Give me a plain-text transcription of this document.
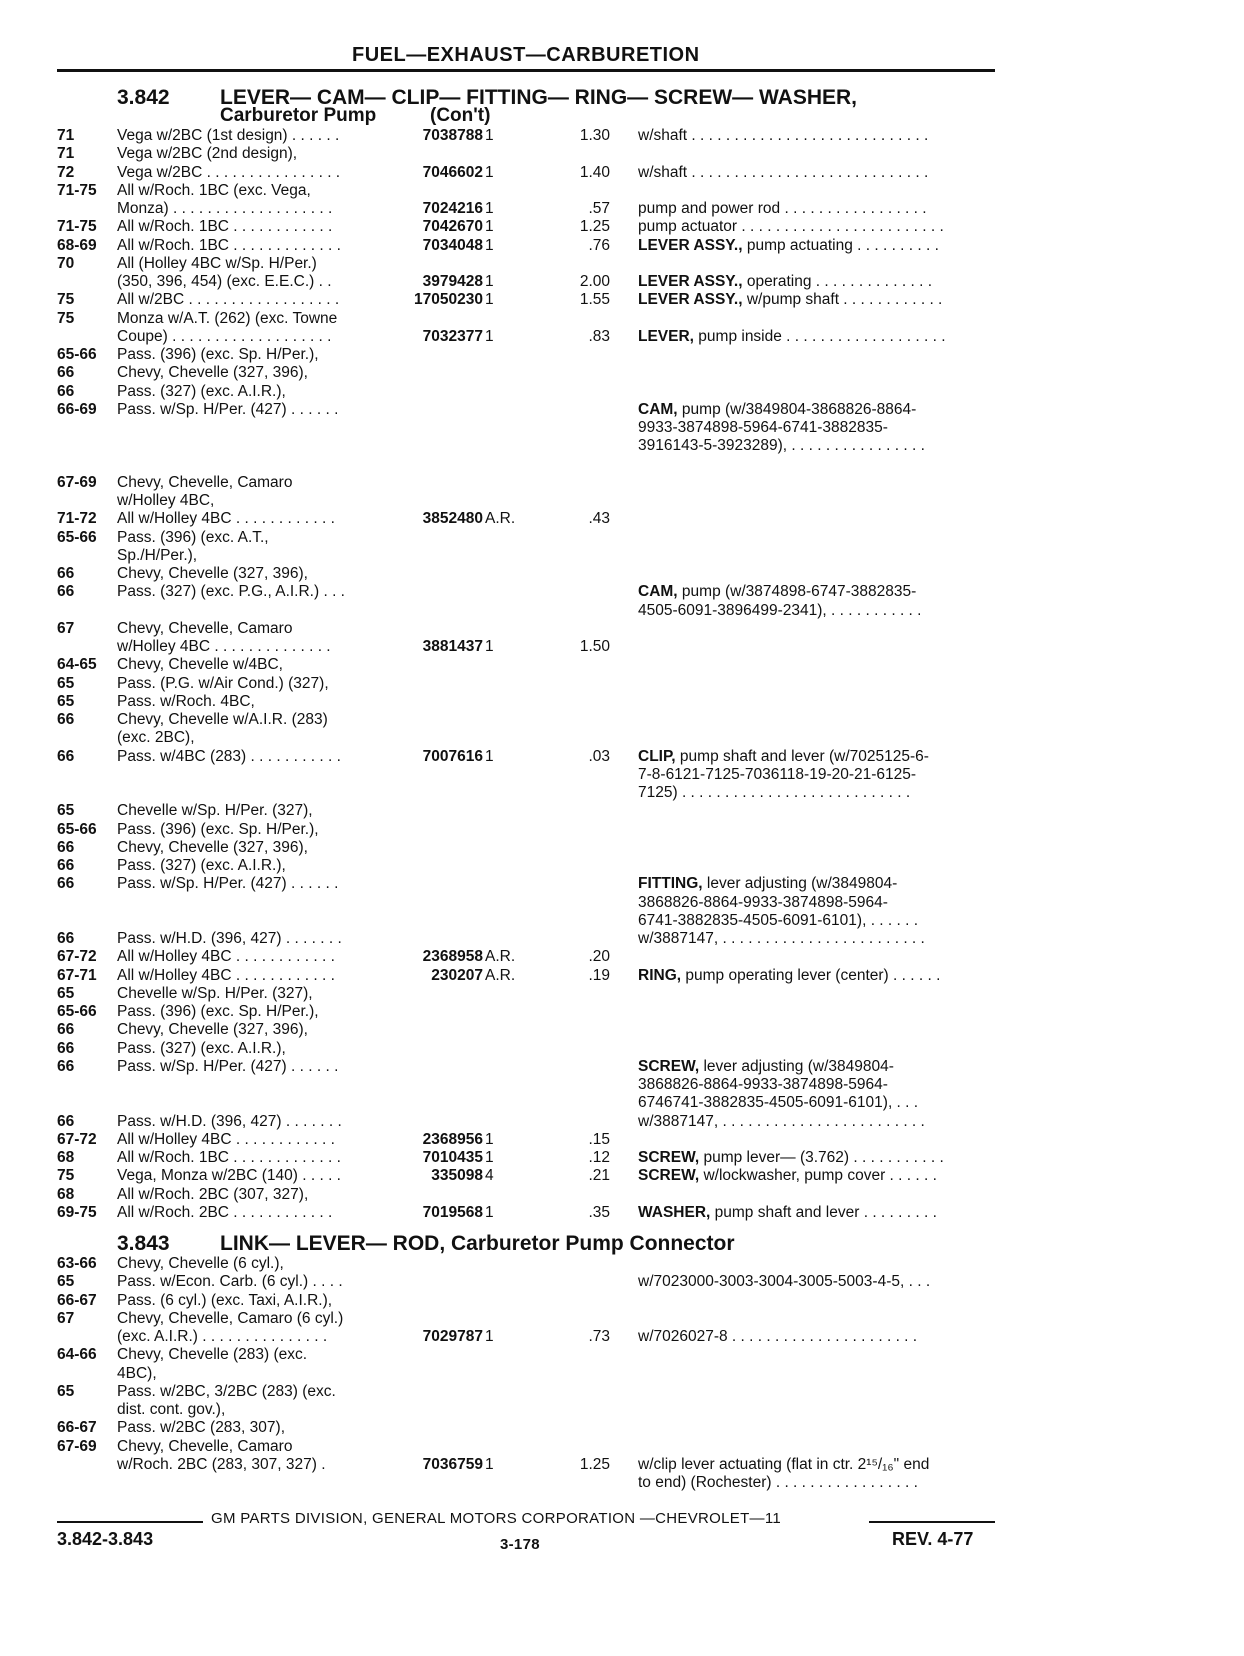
FUEL—EXHAUST—CARBURETION
3.842 LEVER— CAM— CLIP— FITTING— RING— SCREW— WASHER,
Carburetor Pump	(Con't)
71	Vega w/2BC (1st design) . . . . . .	7038788 1	1.30 w/shaft . . . . . . . . . . . . . . . . . . . . . . . . . . . .
71	Vega w/2BC (2nd design),
72	Vega w/2BC . . . . . . . . . . . . . . . .	7046602 1	1.40 w/shaft . . . . . . . . . . . . . . . . . . . . . . . . . . . .
71-75 All w/Roch. 1BC (exc. Vega,
Monza) . . . . . . . . . . . . . . . . . . .	7024216 1	.57 pump and power rod . . . . . . . . . . . . . . . . .
71-75 All w/Roch. 1BC . . . . . . . . . . . .	7042670 1	1.25 pump actuator . . . . . . . . . . . . . . . . . . . . . . . .
68-69 All w/Roch. 1BC . . . . . . . . . . . . .	7034048 1	.76 LEVER ASSY., pump actuating . . . . . . . . . .
70	All (Holley 4BC w/Sp. H/Per.)
(350, 396, 454) (exc. E.E.C.) . .	3979428 1	2.00 LEVER ASSY., operating . . . . . . . . . . . . . .
75	All w/2BC . . . . . . . . . . . . . . . . . .	17050230 1	1.55 LEVER ASSY., w/pump shaft . . . . . . . . . . . .
75	Monza w/A.T. (262) (exc. Towne
Coupe) . . . . . . . . . . . . . . . . . . .	7032377 1	.83 LEVER, pump inside . . . . . . . . . . . . . . . . . . .
65-66 Pass. (396) (exc. Sp. H/Per.),
66	Chevy, Chevelle (327, 396),
66	Pass. (327) (exc. A.I.R.),
66-69 Pass. w/Sp. H/Per. (427) . . . . . .	CAM, pump (w/3849804-3868826-8864-
9933-3874898-5964-6741-3882835-
3916143-5-3923289), . . . . . . . . . . . . . . . .
67-69 Chevy, Chevelle, Camaro
w/Holley 4BC,
71-72 All w/Holley 4BC . . . . . . . . . . . .	3852480 A.R.	.43
65-66 Pass. (396) (exc. A.T.,
Sp./H/Per.),
66	Chevy, Chevelle (327, 396),
66	Pass. (327) (exc. P.G., A.I.R.) . . .	CAM, pump (w/3874898-6747-3882835-
4505-6091-3896499-2341), . . . . . . . . . . .
67	Chevy, Chevelle, Camaro
w/Holley 4BC . . . . . . . . . . . . . .	3881437 1	1.50
64-65 Chevy, Chevelle w/4BC,
65	Pass. (P.G. w/Air Cond.) (327),
65	Pass. w/Roch. 4BC,
66	Chevy, Chevelle w/A.I.R. (283)
(exc. 2BC),
66	Pass. w/4BC (283) . . . . . . . . . . .	7007616 1	.03 CLIP, pump shaft and lever (w/7025125-6-
7-8-6121-7125-7036118-19-20-21-6125-
7125) . . . . . . . . . . . . . . . . . . . . . . . . . . .
65	Chevelle w/Sp. H/Per. (327),
65-66 Pass. (396) (exc. Sp. H/Per.),
66	Chevy, Chevelle (327, 396),
66	Pass. (327) (exc. A.I.R.),
66	Pass. w/Sp. H/Per. (427) . . . . . .	FITTING, lever adjusting (w/3849804-
3868826-8864-9933-3874898-5964-
6741-3882835-4505-6091-6101), . . . . . .
66	Pass. w/H.D. (396, 427) . . . . . . .	w/3887147, . . . . . . . . . . . . . . . . . . . . . . . .
67-72 All w/Holley 4BC . . . . . . . . . . . .	2368958 A.R.	.20
67-71 All w/Holley 4BC . . . . . . . . . . . .	230207 A.R.	.19 RING, pump operating lever (center) . . . . . .
65	Chevelle w/Sp. H/Per. (327),
65-66 Pass. (396) (exc. Sp. H/Per.),
66	Chevy, Chevelle (327, 396),
66	Pass. (327) (exc. A.I.R.),
66	Pass. w/Sp. H/Per. (427) . . . . . .	SCREW, lever adjusting (w/3849804-
3868826-8864-9933-3874898-5964-
6746741-3882835-4505-6091-6101), . . .
66	Pass. w/H.D. (396, 427) . . . . . . .	w/3887147, . . . . . . . . . . . . . . . . . . . . . . . .
67-72 All w/Holley 4BC . . . . . . . . . . . .	2368956 1	.15
68	All w/Roch. 1BC . . . . . . . . . . . . .	7010435 1	.12 SCREW, pump lever— (3.762) . . . . . . . . . . .
75	Vega, Monza w/2BC (140) . . . . .	335098 4	.21 SCREW, w/lockwasher, pump cover . . . . . .
68	All w/Roch. 2BC (307, 327),
69-75 All w/Roch. 2BC . . . . . . . . . . . .	7019568 1	.35 WASHER, pump shaft and lever . . . . . . . . .
3.843 LINK— LEVER— ROD, Carburetor Pump Connector
63-66 Chevy, Chevelle (6 cyl.),
65	Pass. w/Econ. Carb. (6 cyl.) . . . .	w/7023000-3003-3004-3005-5003-4-5, . . .
66-67 Pass. (6 cyl.) (exc. Taxi, A.I.R.),
67	Chevy, Chevelle, Camaro (6 cyl.)
(exc. A.I.R.) . . . . . . . . . . . . . . .	7029787 1	.73 w/7026027-8 . . . . . . . . . . . . . . . . . . . . . .
64-66 Chevy, Chevelle (283) (exc.
4BC),
65	Pass. w/2BC, 3/2BC (283) (exc.
dist. cont. gov.),
66-67 Pass. w/2BC (283, 307),
67-69 Chevy, Chevelle, Camaro
w/Roch. 2BC (283, 307, 327) .	7036759 1	1.25 w/clip lever actuating (flat in ctr. 2¹⁵/₁₆" end
to end) (Rochester) . . . . . . . . . . . . . . . . .
GM PARTS DIVISION, GENERAL MOTORS CORPORATION —CHEVROLET—11
3.842-3.843	3-178	REV. 4-77
